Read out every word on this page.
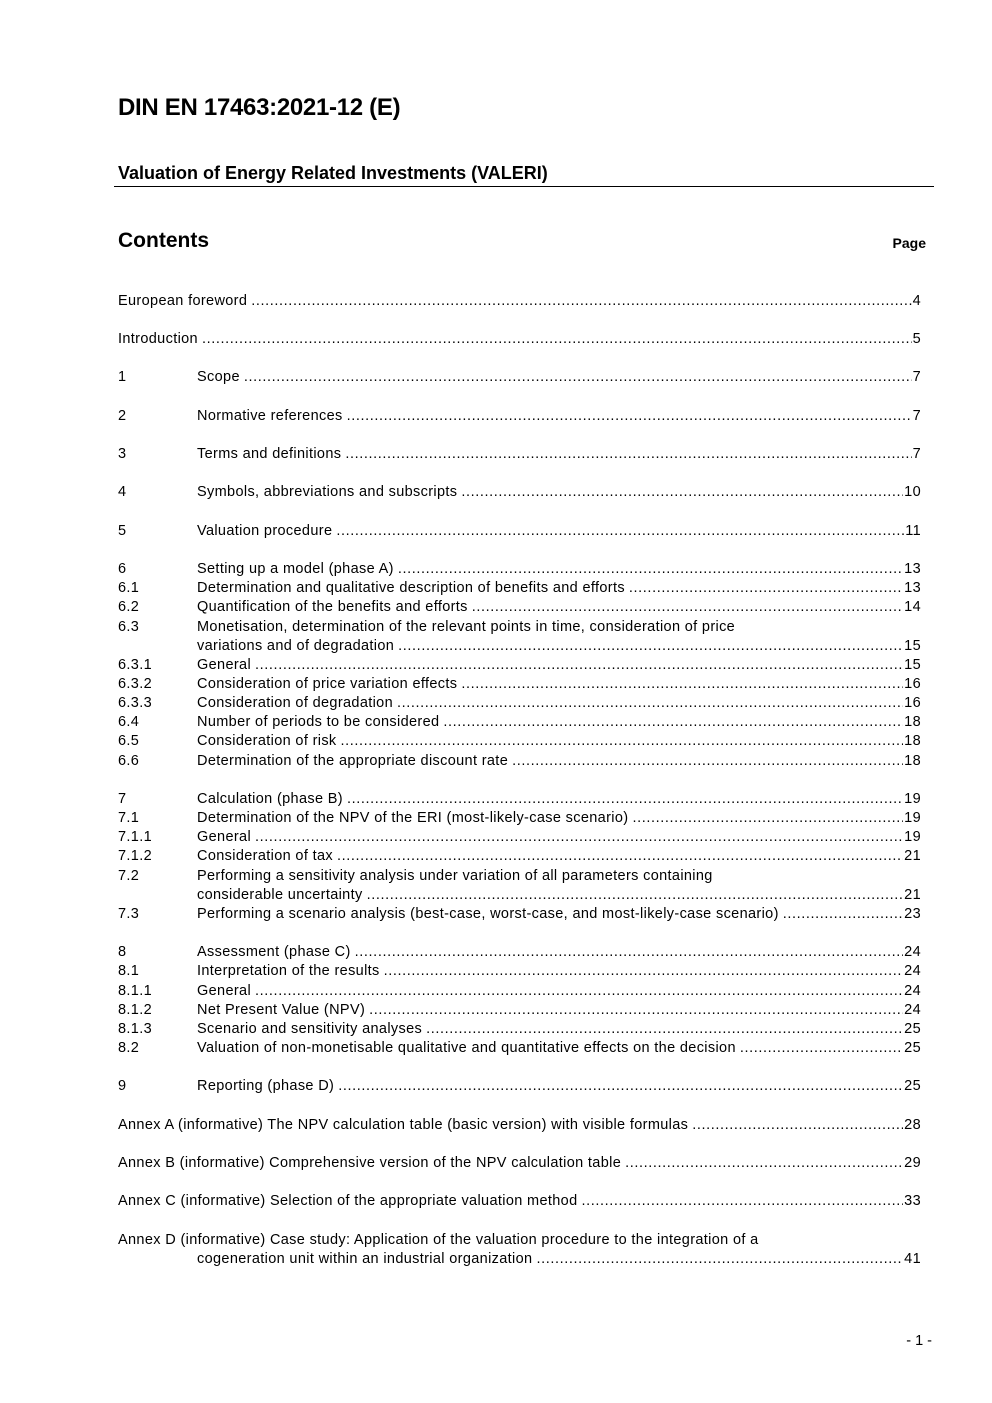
DIN EN 17463:2021-12 (E)
Valuation of Energy Related Investments (VALERI)
Contents	Page
European foreword .....	4
Introduction .....	5
1	Scope .....	7
2	Normative references .....	7
3	Terms and definitions .....	7
4	Symbols, abbreviations and subscripts .....	10
5	Valuation procedure .....	11
6	Setting up a model (phase A) .....	13
6.1	Determination and qualitative description of benefits and efforts .....	13
6.2	Quantification of the benefits and efforts .....	14
6.3	Monetisation, determination of the relevant points in time, consideration of price
variations and of degradation .....	15
6.3.1	General .....	15
6.3.2	Consideration of price variation effects .....	16
6.3.3	Consideration of degradation .....	16
6.4	Number of periods to be considered .....	18
6.5	Consideration of risk .....	18
6.6	Determination of the appropriate discount rate .....	18
7	Calculation (phase B) .....	19
7.1	Determination of the NPV of the ERI (most-likely-case scenario) .....	19
7.1.1	General .....	19
7.1.2	Consideration of tax .....	21
7.2	Performing a sensitivity analysis under variation of all parameters containing
considerable uncertainty .....	21
7.3	Performing a scenario analysis (best-case, worst-case, and most-likely-case scenario) .....	23
8	Assessment (phase C) .....	24
8.1	Interpretation of the results .....	24
8.1.1	General .....	24
8.1.2	Net Present Value (NPV) .....	24
8.1.3	Scenario and sensitivity analyses .....	25
8.2	Valuation of non-monetisable qualitative and quantitative effects on the decision .....	25
9	Reporting (phase D) .....	25
Annex A (informative) The NPV calculation table (basic version) with visible formulas .....	28
Annex B (informative) Comprehensive version of the NPV calculation table .....	29
Annex C (informative) Selection of the appropriate valuation method .....	33
Annex D (informative) Case study: Application of the valuation procedure to the integration of a
cogeneration unit within an industrial organization .....	41
- 1 -
